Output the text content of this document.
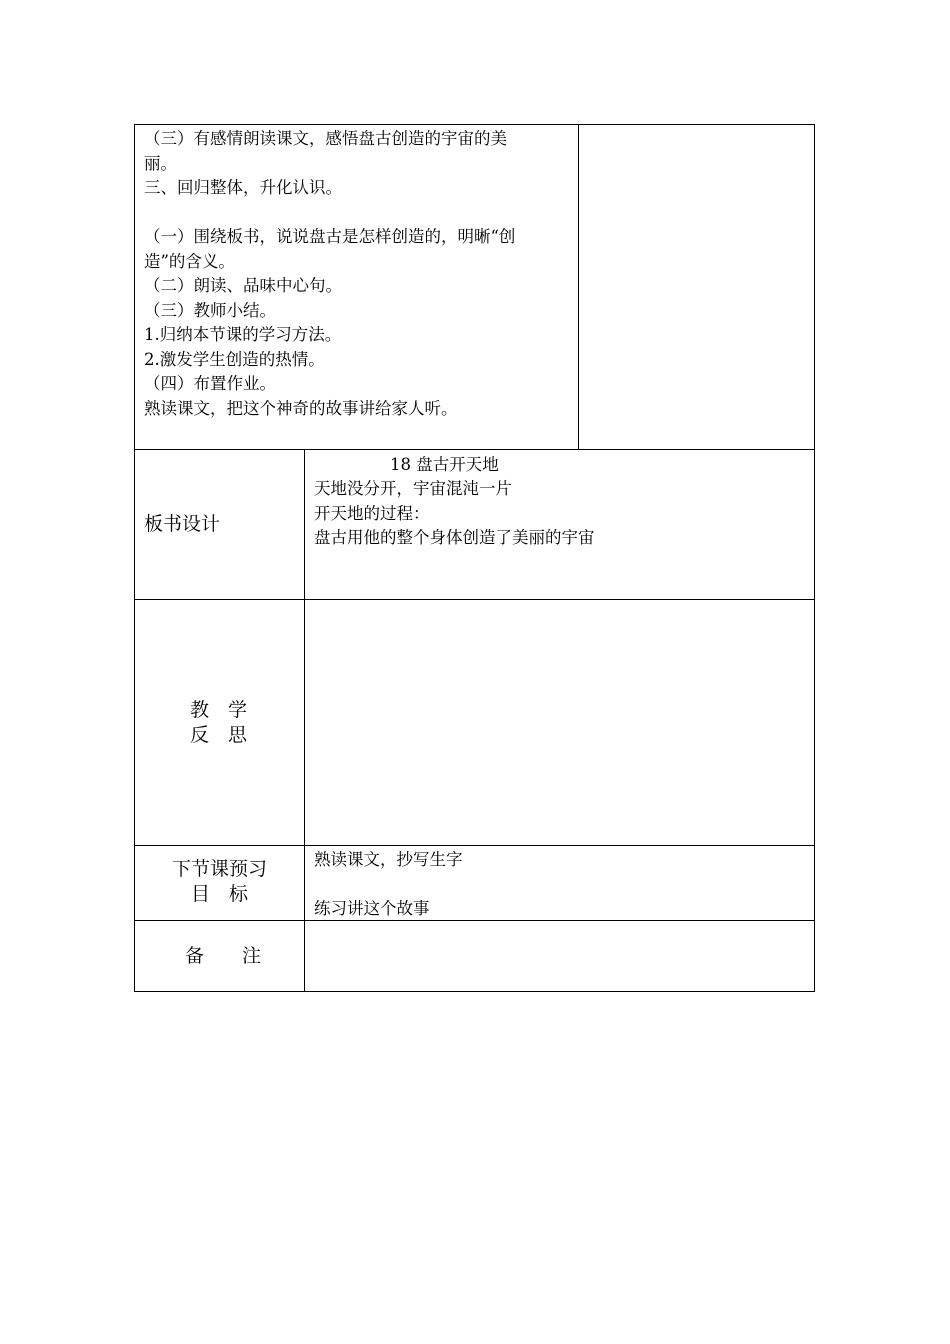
（三）有感情朗读课文，感悟盘古创造的宇宙的美
丽。
三、回归整体，升化认识。
（一）围绕板书，说说盘古是怎样创造的，明晰“创
造”的含义。
（二）朗读、品味中心句。
（三）教师小结。
1.归纳本节课的学习方法。
2.激发学生创造的热情。
（四）布置作业。
熟读课文，把这个神奇的故事讲给家人听。
板书设计
18 盘古开天地
天地没分开，宇宙混沌一片
开天地的过程：
盘古用他的整个身体创造了美丽的宇宙
教　学
反　思
下节课预习
目　标
熟读课文，抄写生字
练习讲这个故事
备　　注
